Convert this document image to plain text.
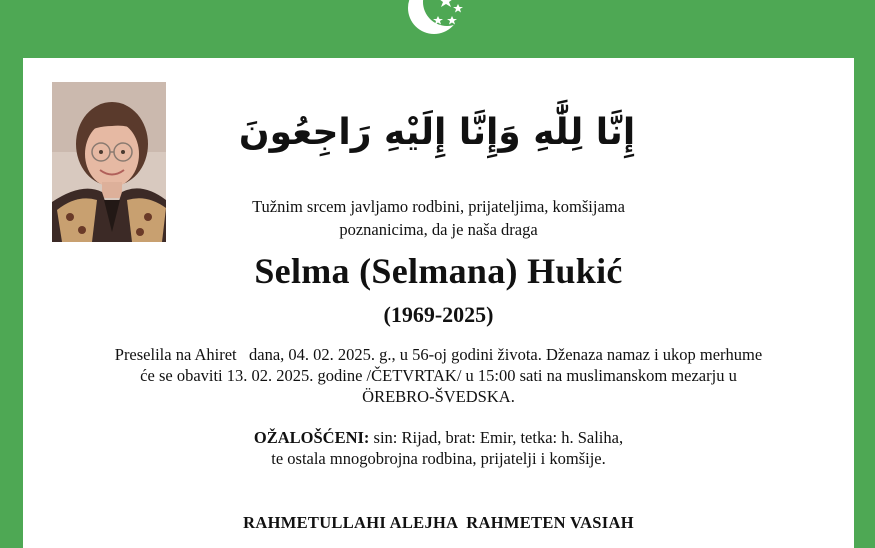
إِنَّا لِلَّٰهِ وَإِنَّا إِلَيْهِ رَاجِعُونَ
Tužnim srcem javljamo rodbini, prijateljima, komšijama
poznanicima, da je naša draga
Selma (Selmana) Hukić
(1969-2025)
Preselila na Ahiret   dana, 04. 02. 2025. g., u 56-oj godini života. Dženaza namaz i ukop merhume
će se obaviti 13. 02. 2025. godine /ČETVRTAK/ u 15:00 sati na muslimanskom mezarju u
ÖREBRO-ŠVEDSKA.
OŽALOŠĆENI: sin: Rijad, brat: Emir, tetka: h. Saliha,
te ostala mnogobrojna rodbina, prijatelji i komšije.
RAHMETULLAHI ALEJHA  RAHMETEN VASIAH
